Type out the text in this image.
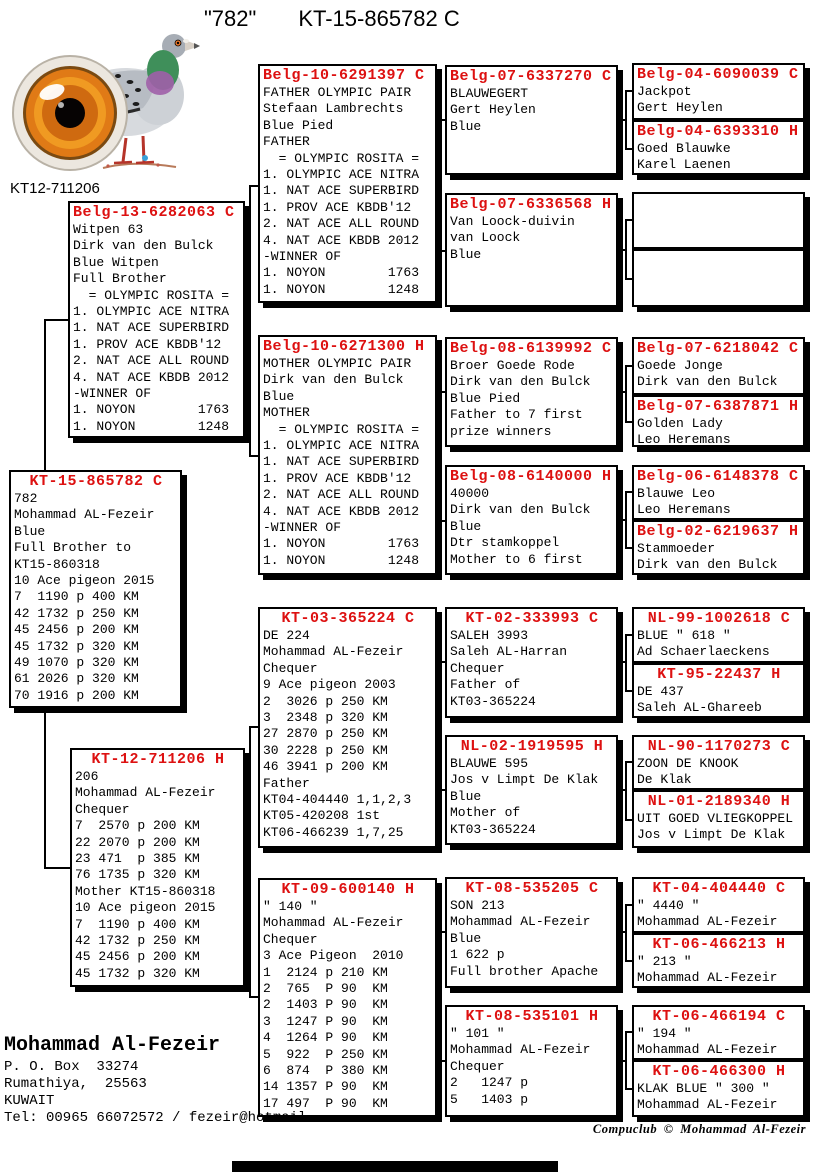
KT12-711206
"782" KT-15-865782 C
Belg-13-6282063 C
Witpen 63
Dirk van den Bulck
Blue Witpen
Full Brother
= OLYMPIC ROSITA =
1. OLYMPIC ACE NITRA
1. NAT ACE SUPERBIRD
1. PROV ACE KBDB'12
2. NAT ACE ALL ROUND
4. NAT ACE KBDB 2012
-WINNER OF
1. NOYON        1763
1. NOYON        1248
KT-15-865782 C
782
Mohammad AL-Fezeir
Blue
Full Brother to
KT15-860318
10 Ace pigeon 2015
7  1190 p 400 KM
42 1732 p 250 KM
45 2456 p 200 KM
45 1732 p 320 KM
49 1070 p 320 KM
61 2026 p 320 KM
70 1916 p 200 KM
KT-12-711206 H
206
Mohammad AL-Fezeir
Chequer
7  2570 p 200 KM
22 2070 p 200 KM
23 471  p 385 KM
76 1735 p 320 KM
Mother KT15-860318
10 Ace pigeon 2015
7  1190 p 400 KM
42 1732 p 250 KM
45 2456 p 200 KM
45 1732 p 320 KM
Belg-10-6291397 C
FATHER OLYMPIC PAIR
Stefaan Lambrechts
Blue Pied
FATHER
= OLYMPIC ROSITA =
1. OLYMPIC ACE NITRA
1. NAT ACE SUPERBIRD
1. PROV ACE KBDB'12
2. NAT ACE ALL ROUND
4. NAT ACE KBDB 2012
-WINNER OF
1. NOYON        1763
1. NOYON        1248
Belg-10-6271300 H
MOTHER OLYMPIC PAIR
Dirk van den Bulck
Blue
MOTHER
= OLYMPIC ROSITA =
1. OLYMPIC ACE NITRA
1. NAT ACE SUPERBIRD
1. PROV ACE KBDB'12
2. NAT ACE ALL ROUND
4. NAT ACE KBDB 2012
-WINNER OF
1. NOYON        1763
1. NOYON        1248
KT-03-365224 C
DE 224
Mohammad AL-Fezeir
Chequer
9 Ace pigeon 2003
2  3026 p 250 KM
3  2348 p 320 KM
27 2870 p 250 KM
30 2228 p 250 KM
46 3941 p 200 KM
Father
KT04-404440 1,1,2,3
KT05-420208 1st
KT06-466239 1,7,25
KT-09-600140 H
" 140 "
Mohammad AL-Fezeir
Chequer
3 Ace Pigeon  2010
1  2124 p 210 KM
2  765  P 90  KM
2  1403 P 90  KM
3  1247 P 90  KM
4  1264 P 90  KM
5  922  P 250 KM
6  874  P 380 KM
14 1357 P 90  KM
17 497  P 90  KM
Belg-07-6337270 C
BLAUWEGERT
Gert Heylen
Blue
Belg-07-6336568 H
Van Loock-duivin
van Loock
Blue
Belg-08-6139992 C
Broer Goede Rode
Dirk van den Bulck
Blue Pied
Father to 7 first
prize winners
Belg-08-6140000 H
40000
Dirk van den Bulck
Blue
Dtr stamkoppel
Mother to 6 first
KT-02-333993 C
SALEH 3993
Saleh AL-Harran
Chequer
Father of
KT03-365224
NL-02-1919595 H
BLAUWE 595
Jos v Limpt De Klak
Blue
Mother of
KT03-365224
KT-08-535205 C
SON 213
Mohammad AL-Fezeir
Blue
1 622 p
Full brother Apache
KT-08-535101 H
" 101 "
Mohammad AL-Fezeir
Chequer
2   1247 p
5   1403 p
Belg-04-6090039 C
Jackpot
Gert Heylen
Belg-04-6393310 H
Goed Blauwke
Karel Laenen
Belg-07-6218042 C
Goede Jonge
Dirk van den Bulck
Belg-07-6387871 H
Golden Lady
Leo Heremans
Belg-06-6148378 C
Blauwe Leo
Leo Heremans
Belg-02-6219637 H
Stammoeder
Dirk van den Bulck
NL-99-1002618 C
BLUE " 618 "
Ad Schaerlaeckens
KT-95-22437 H
DE 437
Saleh AL-Ghareeb
NL-90-1170273 C
ZOON DE KNOOK
De Klak
NL-01-2189340 H
UIT GOED VLIEGKOPPEL
Jos v Limpt De Klak
KT-04-404440 C
" 4440 "
Mohammad AL-Fezeir
KT-06-466213 H
" 213 "
Mohammad AL-Fezeir
KT-06-466194 C
" 194 "
Mohammad AL-Fezeir
KT-06-466300 H
KLAK BLUE " 300 "
Mohammad AL-Fezeir
Mohammad Al-Fezeir
P. O. Box  33274
Rumathiya,  25563
KUWAIT
Tel: 00965 66072572 / fezeir@hotmail.
Compuclub © Mohammad Al-Fezeir
